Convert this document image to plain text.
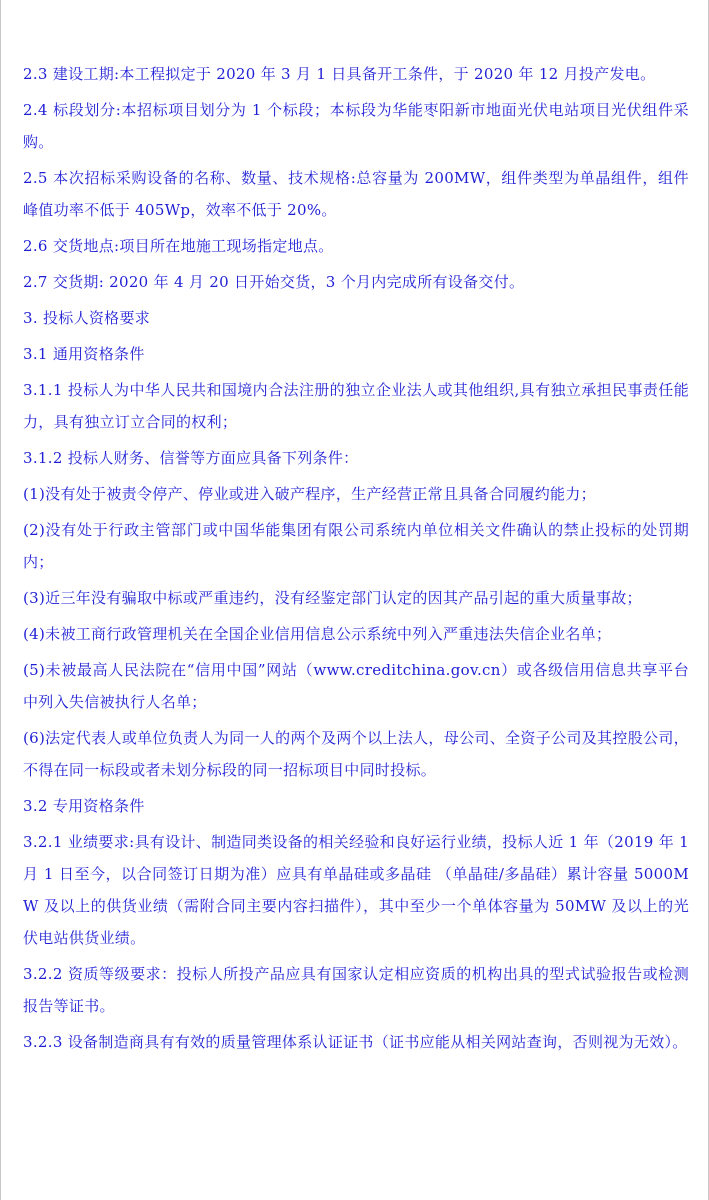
2.3 建设工期:本工程拟定于 2020 年 3 月 1 日具备开工条件，于 2020 年 12 月投产发电。

2.4 标段划分:本招标项目划分为 1 个标段；本标段为华能枣阳新市地面光伏电站项目光伏组件采购。

2.5 本次招标采购设备的名称、数量、技术规格:总容量为 200MW，组件类型为单晶组件，组件峰值功率不低于 405Wp，效率不低于 20%。

2.6 交货地点:项目所在地施工现场指定地点。

2.7 交货期: 2020 年 4 月 20 日开始交货，3 个月内完成所有设备交付。

3. 投标人资格要求

3.1 通用资格条件

3.1.1 投标人为中华人民共和国境内合法注册的独立企业法人或其他组织,具有独立承担民事责任能力，具有独立订立合同的权利；

3.1.2 投标人财务、信誉等方面应具备下列条件：

(1)没有处于被责令停产、停业或进入破产程序，生产经营正常且具备合同履约能力；

(2)没有处于行政主管部门或中国华能集团有限公司系统内单位相关文件确认的禁止投标的处罚期内；

(3)近三年没有骗取中标或严重违约，没有经鉴定部门认定的因其产品引起的重大质量事故；

(4)未被工商行政管理机关在全国企业信用信息公示系统中列入严重违法失信企业名单；

(5)未被最高人民法院在“信用中国”网站（www.creditchina.gov.cn）或各级信用信息共享平台中列入失信被执行人名单；

(6)法定代表人或单位负责人为同一人的两个及两个以上法人，母公司、全资子公司及其控股公司，不得在同一标段或者未划分标段的同一招标项目中同时投标。

3.2 专用资格条件

3.2.1 业绩要求:具有设计、制造同类设备的相关经验和良好运行业绩，投标人近 1 年（2019 年 1 月 1 日至今，以合同签订日期为准）应具有单晶硅或多晶硅 （单晶硅/多晶硅）累计容量 5000MW 及以上的供货业绩（需附合同主要内容扫描件），其中至少一个单体容量为 50MW 及以上的光伏电站供货业绩。

3.2.2 资质等级要求：投标人所投产品应具有国家认定相应资质的机构出具的型式试验报告或检测报告等证书。

3.2.3 设备制造商具有有效的质量管理体系认证证书（证书应能从相关网站查询，否则视为无效）。
